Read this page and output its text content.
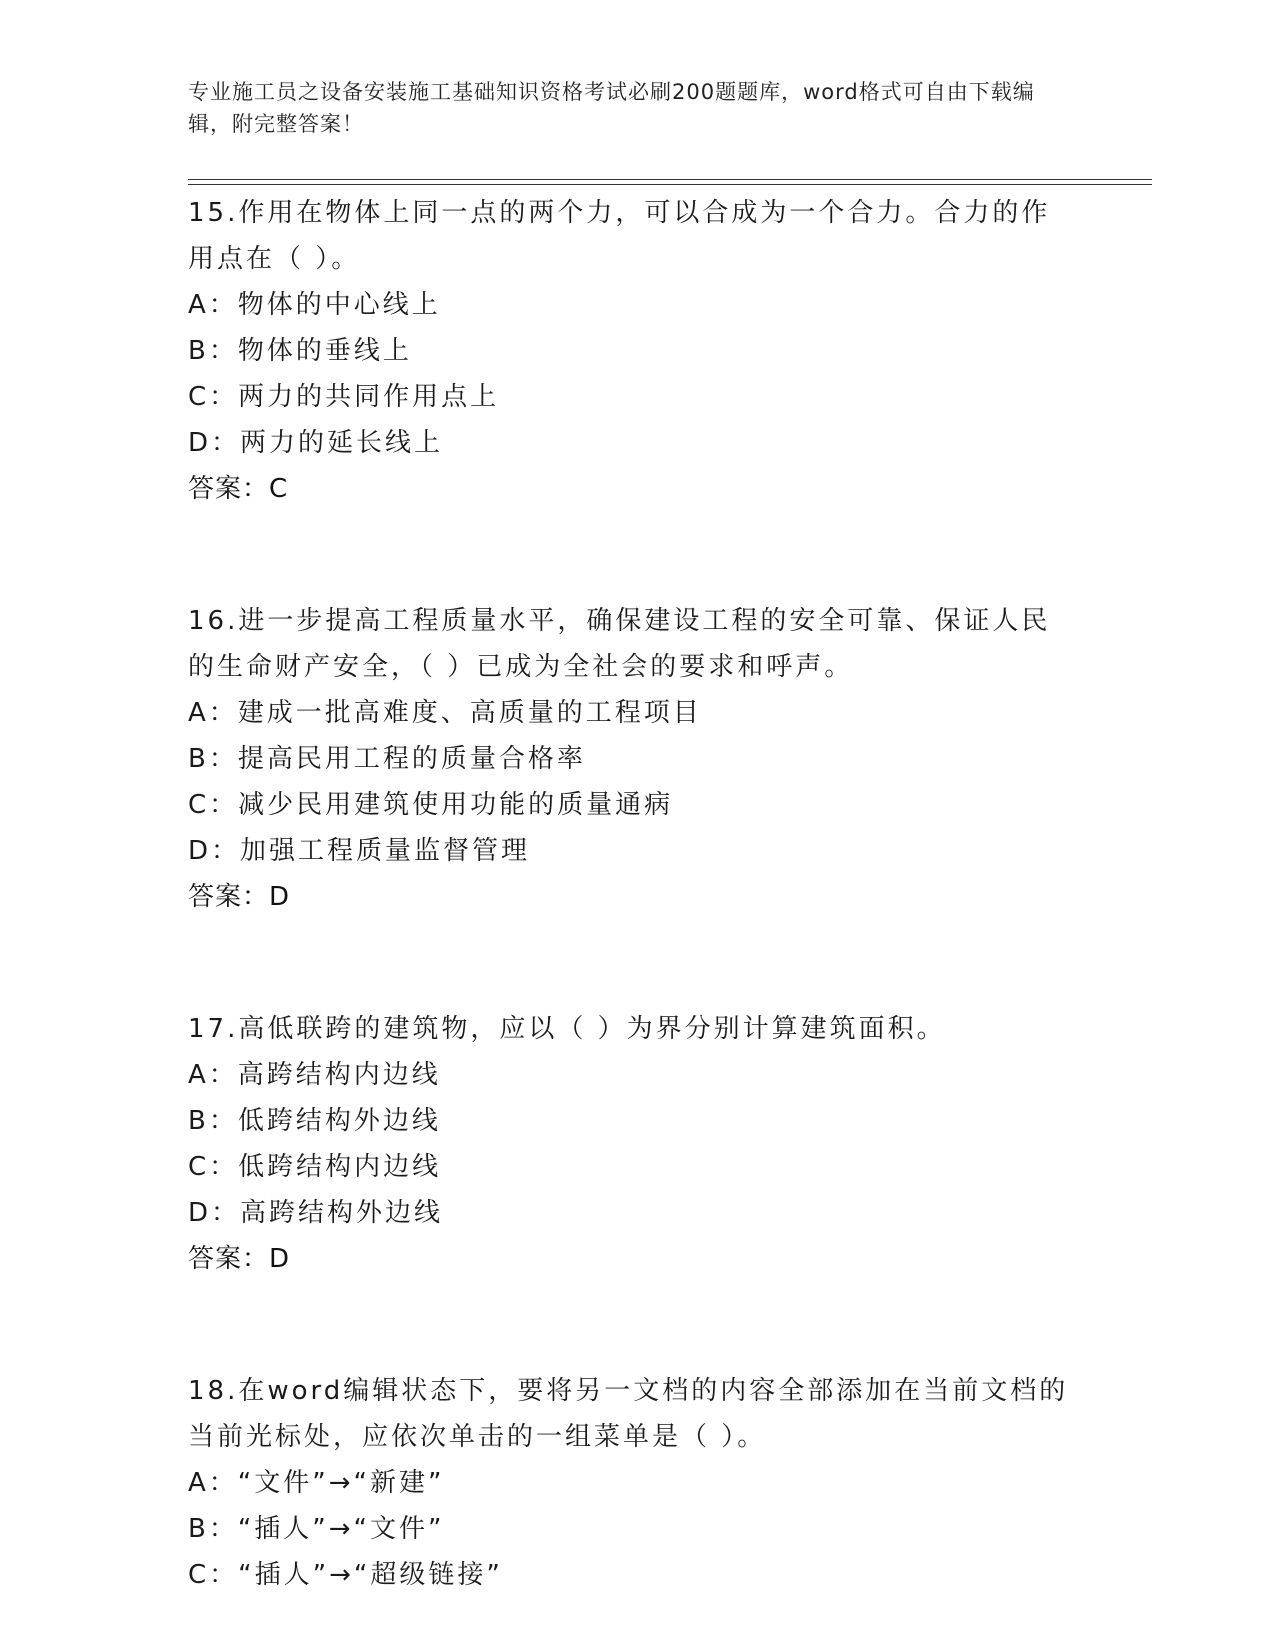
专业施工员之设备安装施工基础知识资格考试必刷200题题库，word格式可自由下载编辑，附完整答案！
15.作用在物体上同一点的两个力，可以合成为一个合力。合力的作用点在（ ）。
A：物体的中心线上
B：物体的垂线上
C：两力的共同作用点上
D：两力的延长线上
答案：C
16.进一步提高工程质量水平，确保建设工程的安全可靠、保证人民的生命财产安全，（ ）已成为全社会的要求和呼声。
A：建成一批高难度、高质量的工程项目
B：提高民用工程的质量合格率
C：减少民用建筑使用功能的质量通病
D：加强工程质量监督管理
答案：D
17.高低联跨的建筑物，应以（ ）为界分别计算建筑面积。
A：高跨结构内边线
B：低跨结构外边线
C：低跨结构内边线
D：高跨结构外边线
答案：D
18.在word编辑状态下，要将另一文档的内容全部添加在当前文档的当前光标处，应依次单击的一组菜单是（ ）。
A：“文件”→“新建”
B：“插人”→“文件”
C：“插人”→“超级链接”
